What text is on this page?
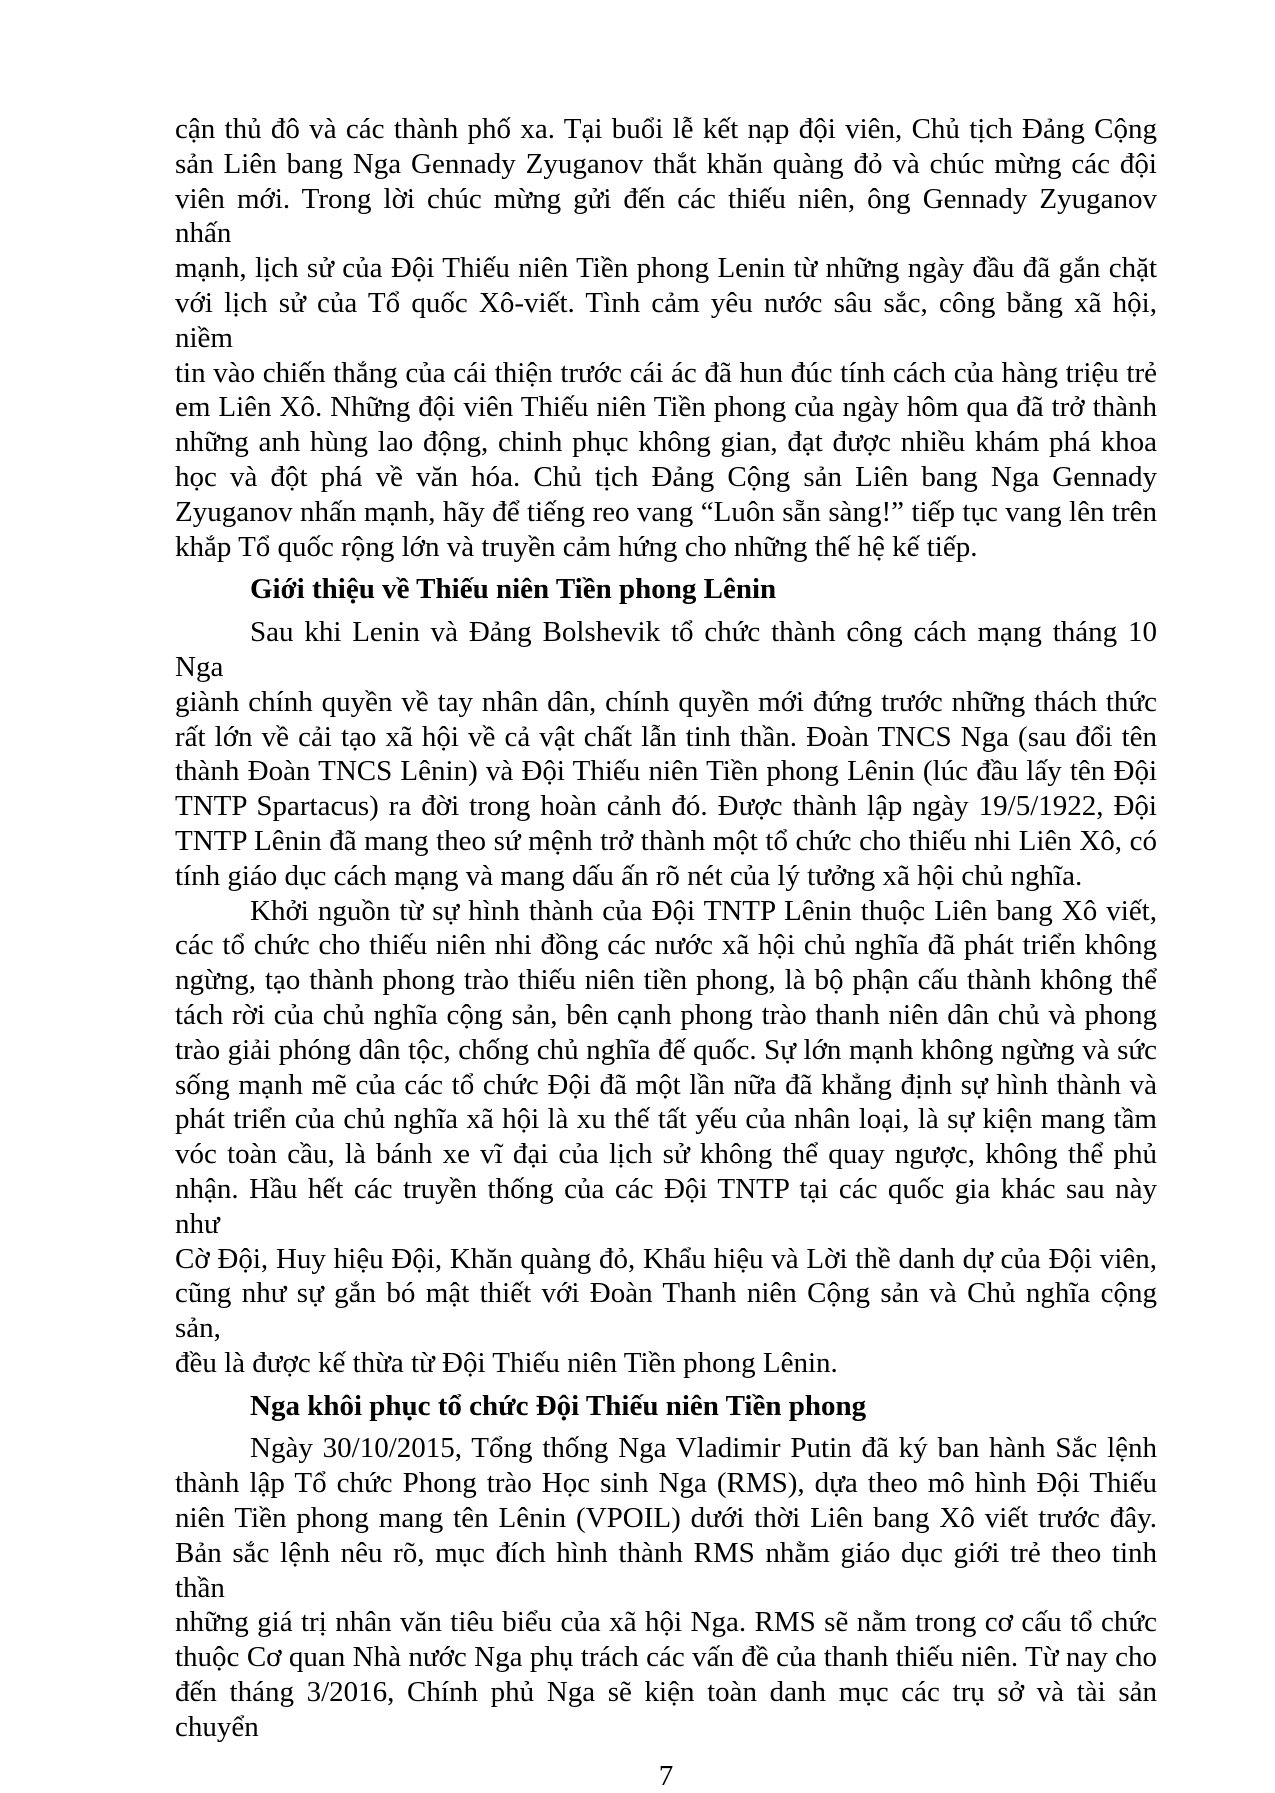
cận thủ đô và các thành phố xa. Tại buổi lễ kết nạp đội viên, Chủ tịch Đảng Cộng
sản Liên bang Nga Gennady Zyuganov thắt khăn quàng đỏ và chúc mừng các đội
viên mới. Trong lời chúc mừng gửi đến các thiếu niên, ông Gennady Zyuganov nhấn
mạnh, lịch sử của Đội Thiếu niên Tiền phong Lenin từ những ngày đầu đã gắn chặt
với lịch sử của Tổ quốc Xô-viết. Tình cảm yêu nước sâu sắc, công bằng xã hội, niềm
tin vào chiến thắng của cái thiện trước cái ác đã hun đúc tính cách của hàng triệu trẻ
em Liên Xô. Những đội viên Thiếu niên Tiền phong của ngày hôm qua đã trở thành
những anh hùng lao động, chinh phục không gian, đạt được nhiều khám phá khoa
học và đột phá về văn hóa. Chủ tịch Đảng Cộng sản Liên bang Nga Gennady
Zyuganov nhấn mạnh, hãy để tiếng reo vang “Luôn sẵn sàng!” tiếp tục vang lên trên
khắp Tổ quốc rộng lớn và truyền cảm hứng cho những thế hệ kế tiếp.
Giới thiệu về Thiếu niên Tiền phong Lênin
Sau khi Lenin và Đảng Bolshevik tổ chức thành công cách mạng tháng 10 Nga
giành chính quyền về tay nhân dân, chính quyền mới đứng trước những thách thức
rất lớn về cải tạo xã hội về cả vật chất lẫn tinh thần. Đoàn TNCS Nga (sau đổi tên
thành Đoàn TNCS Lênin) và Đội Thiếu niên Tiền phong Lênin (lúc đầu lấy tên Đội
TNTP Spartacus) ra đời trong hoàn cảnh đó. Được thành lập ngày 19/5/1922, Đội
TNTP Lênin đã mang theo sứ mệnh trở thành một tổ chức cho thiếu nhi Liên Xô, có
tính giáo dục cách mạng và mang dấu ấn rõ nét của lý tưởng xã hội chủ nghĩa.
Khởi nguồn từ sự hình thành của Đội TNTP Lênin thuộc Liên bang Xô viết,
các tổ chức cho thiếu niên nhi đồng các nước xã hội chủ nghĩa đã phát triển không
ngừng, tạo thành phong trào thiếu niên tiền phong, là bộ phận cấu thành không thể
tách rời của chủ nghĩa cộng sản, bên cạnh phong trào thanh niên dân chủ và phong
trào giải phóng dân tộc, chống chủ nghĩa đế quốc. Sự lớn mạnh không ngừng và sức
sống mạnh mẽ của các tổ chức Đội đã một lần nữa đã khẳng định sự hình thành và
phát triển của chủ nghĩa xã hội là xu thế tất yếu của nhân loại, là sự kiện mang tầm
vóc toàn cầu, là bánh xe vĩ đại của lịch sử không thể quay ngược, không thể phủ
nhận. Hầu hết các truyền thống của các Đội TNTP tại các quốc gia khác sau này như
Cờ Đội, Huy hiệu Đội, Khăn quàng đỏ, Khẩu hiệu và Lời thề danh dự của Đội viên,
cũng như sự gắn bó mật thiết với Đoàn Thanh niên Cộng sản và Chủ nghĩa cộng sản,
đều là được kế thừa từ Đội Thiếu niên Tiền phong Lênin.
Nga khôi phục tổ chức Đội Thiếu niên Tiền phong
Ngày 30/10/2015, Tổng thống Nga Vladimir Putin đã ký ban hành Sắc lệnh
thành lập Tổ chức Phong trào Học sinh Nga (RMS), dựa theo mô hình Đội Thiếu
niên Tiền phong mang tên Lênin (VPOIL) dưới thời Liên bang Xô viết trước đây.
Bản sắc lệnh nêu rõ, mục đích hình thành RMS nhằm giáo dục giới trẻ theo tinh thần
những giá trị nhân văn tiêu biểu của xã hội Nga. RMS sẽ nằm trong cơ cấu tổ chức
thuộc Cơ quan Nhà nước Nga phụ trách các vấn đề của thanh thiếu niên. Từ nay cho
đến tháng 3/2016, Chính phủ Nga sẽ kiện toàn danh mục các trụ sở và tài sản chuyển
7
